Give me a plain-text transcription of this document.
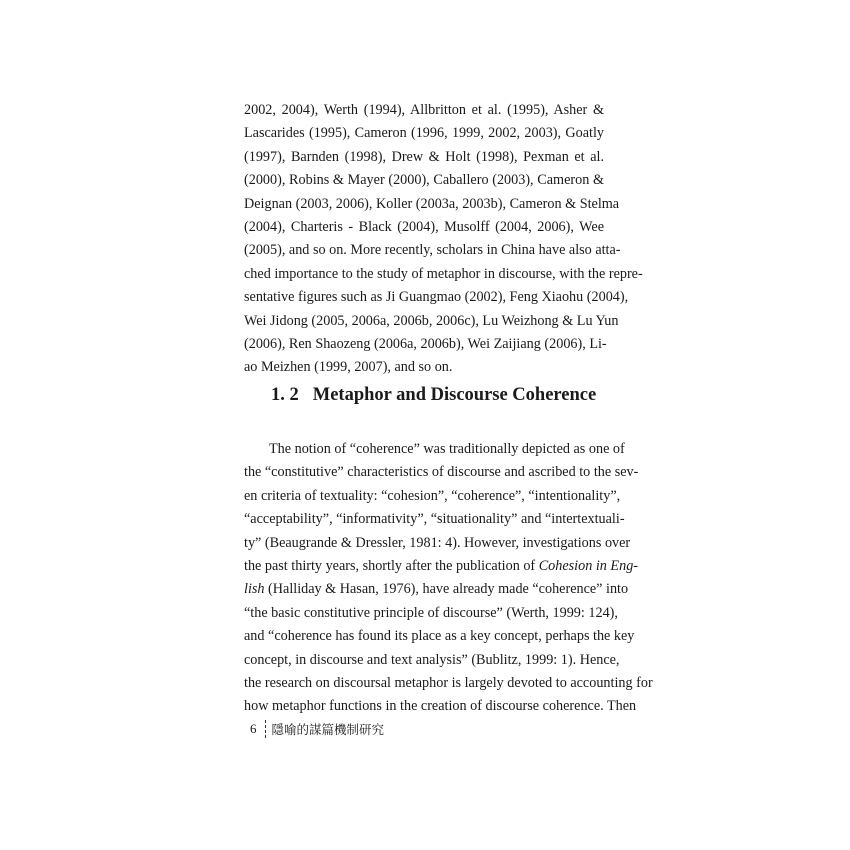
2002, 2004), Werth (1994), Allbritton et al. (1995), Asher &
Lascarides (1995), Cameron (1996, 1999, 2002, 2003), Goatly
(1997), Barnden (1998), Drew & Holt (1998), Pexman et al.
(2000), Robins & Mayer (2000), Caballero (2003), Cameron &
Deignan (2003, 2006), Koller (2003a, 2003b), Cameron & Stelma
(2004), Charteris - Black (2004), Musolff (2004, 2006), Wee
(2005), and so on. More recently, scholars in China have also atta-
ched importance to the study of metaphor in discourse, with the repre-
sentative figures such as Ji Guangmao (2002), Feng Xiaohu (2004),
Wei Jidong (2005, 2006a, 2006b, 2006c), Lu Weizhong & Lu Yun
(2006), Ren Shaozeng (2006a, 2006b), Wei Zaijiang (2006), Li-
ao Meizhen (1999, 2007), and so on.
1. 2 Metaphor and Discourse Coherence
The notion of “coherence” was traditionally depicted as one of
the “constitutive” characteristics of discourse and ascribed to the sev-
en criteria of textuality: “cohesion”, “coherence”, “intentionality”,
“acceptability”, “informativity”, “situationality” and “intertextuali-
ty” (Beaugrande & Dressler, 1981: 4). However, investigations over
the past thirty years, shortly after the publication of Cohesion in Eng-
lish (Halliday & Hasan, 1976), have already made “coherence” into
“the basic constitutive principle of discourse” (Werth, 1999: 124),
and “coherence has found its place as a key concept, perhaps the key
concept, in discourse and text analysis” (Bublitz, 1999: 1). Hence,
the research on discoursal metaphor is largely devoted to accounting for
how metaphor functions in the creation of discourse coherence. Then
6 隱喻的謀篇機制研究
